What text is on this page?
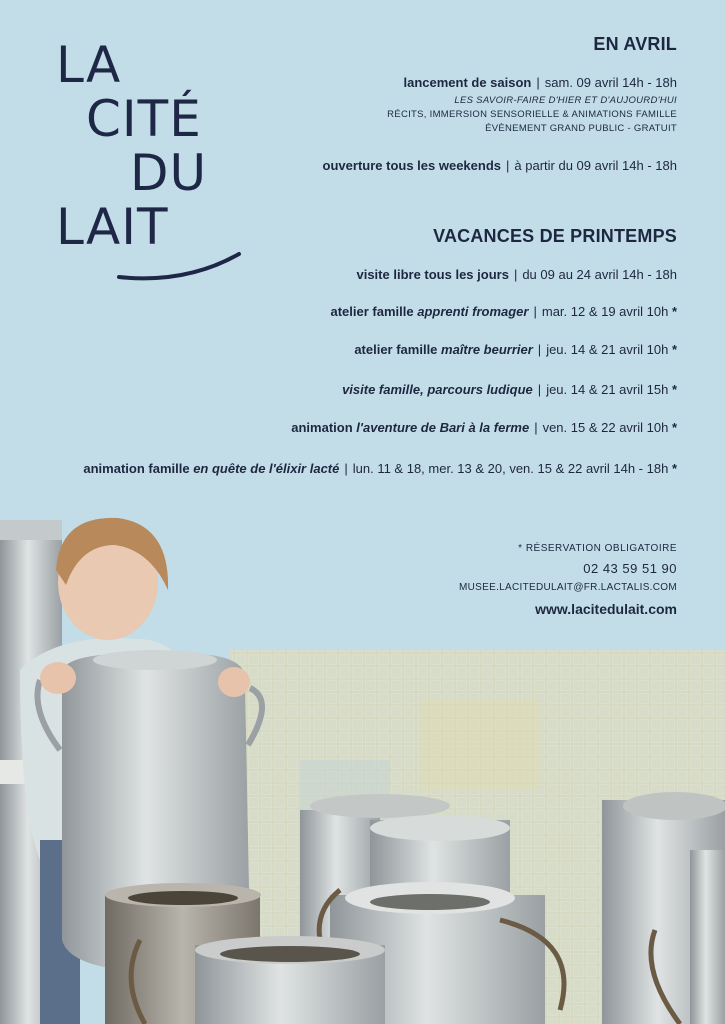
LA
CITÉ
DU
LAIT
EN AVRIL
lancement de saison | sam. 09 avril 14h - 18h
LES SAVOIR-FAIRE D'HIER ET D'AUJOURD'HUI
RÉCITS, IMMERSION SENSORIELLE & ANIMATIONS FAMILLE
ÉVÈNEMENT GRAND PUBLIC - GRATUIT
ouverture tous les weekends | à partir du 09 avril 14h - 18h
VACANCES DE PRINTEMPS
visite libre tous les jours | du 09 au 24 avril 14h - 18h
atelier famille apprenti fromager | mar. 12 & 19 avril 10h *
atelier famille maître beurrier | jeu. 14 & 21 avril 10h *
visite famille, parcours ludique | jeu. 14 & 21 avril 15h *
animation l'aventure de Bari à la ferme | ven. 15 & 22 avril 10h *
animation famille en quête de l'élixir lacté | lun. 11 & 18, mer. 13 & 20, ven. 15 & 22 avril 14h - 18h *
* RÉSERVATION OBLIGATOIRE
02 43 59 51 90
MUSEE.LACITEDULAIT@FR.LACTALIS.COM
www.lacitedulait.com
